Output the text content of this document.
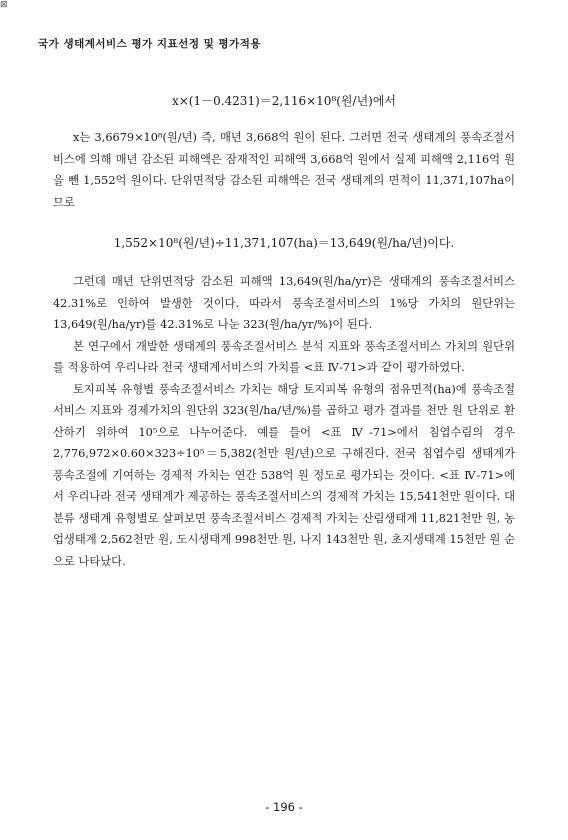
⊠
국가 생태계서비스 평가 지표선정 및 평가적용
x×(1－0.4231)＝2,116×10⁸(원/년)에서

x는 3,6679×10⁸(원/년) 즉, 매년 3,668억 원이 된다. 그러면 전국 생태계의 풍속조절서비스에 의해 매년 감소된 피해액은 잠재적인 피해액 3,668억 원에서 실제 피해액 2,116억 원을 뺀 1,552억 원이다. 단위면적당 감소된 피해액은 전국 생태계의 면적이 11,371,107ha이므로

1,552×10⁸(원/년)÷11,371,107(ha)＝13,649(원/ha/년)이다.

그런데 매년 단위면적당 감소된 피해액 13,649(원/ha/yr)은 생태계의 풍속조절서비스 42.31%로 인하여 발생한 것이다. 따라서 풍속조절서비스의 1%당 가치의 원단위는 13,649(원/ha/yr)를 42.31%로 나눈 323(원/ha/yr/%)이 된다.

본 연구에서 개발한 생태계의 풍속조절서비스 분석 지표와 풍속조절서비스 가치의 원단위를 적용하여 우리나라 전국 생태계서비스의 가치를 <표 Ⅳ-71>과 같이 평가하였다.

토지피복 유형별 풍속조절서비스 가치는 해당 토지피복 유형의 점유면적(ha)에 풍속조절서비스 지표와 경제가치의 원단위 323(원/ha/년/%)를 곱하고 평가 결과를 천만 원 단위로 환산하기 위하여 10⁵으로 나누어준다. 예를 들어 <표 Ⅳ-71>에서 침엽수림의 경우 2,776,972×0.60×323÷10⁵＝5,382(천만 원/년)으로 구해진다. 전국 침엽수림 생태계가 풍속조절에 기여하는 경제적 가치는 연간 538억 원 정도로 평가되는 것이다. <표 Ⅳ-71>에서 우리나라 전국 생태계가 제공하는 풍속조절서비스의 경제적 가치는 15,541천만 원이다. 대분류 생태계 유형별로 살펴보면 풍속조절서비스 경제적 가치는 산림생태계 11,821천만 원, 농업생태계 2,562천만 원, 도시생태계 998천만 원, 나지 143천만 원, 초지생태계 15천만 원 순으로 나타났다.

- 196 -
